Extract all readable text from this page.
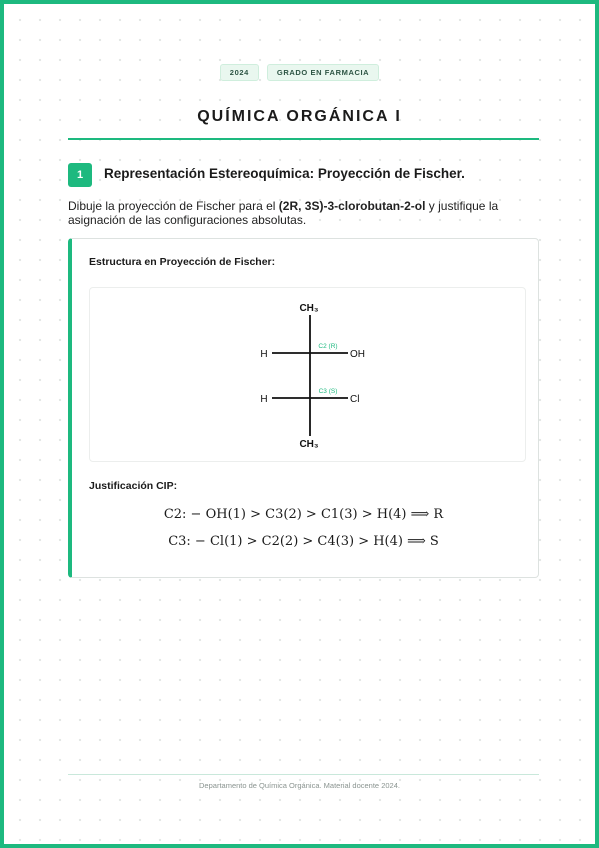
2024	GRADO EN FARMACIA
QUÍMICA ORGÁNICA I
1	Representación Estereoquímica: Proyección de Fischer.
Dibuje la proyección de Fischer para el (2R, 3S)-3-clorobutan-2-ol y justifique la asignación de las configuraciones absolutas.
Estructura en Proyección de Fischer:
CH₃
CH₃
H	OH
C2 (R)
H	Cl
C3 (S)
Justificación CIP:
C2: − OH(1) > C3(2) > C1(3) > H(4) ⟹ R
C3: − Cl(1) > C2(2) > C4(3) > H(4) ⟹ S
Departamento de Química Orgánica. Material docente 2024.
